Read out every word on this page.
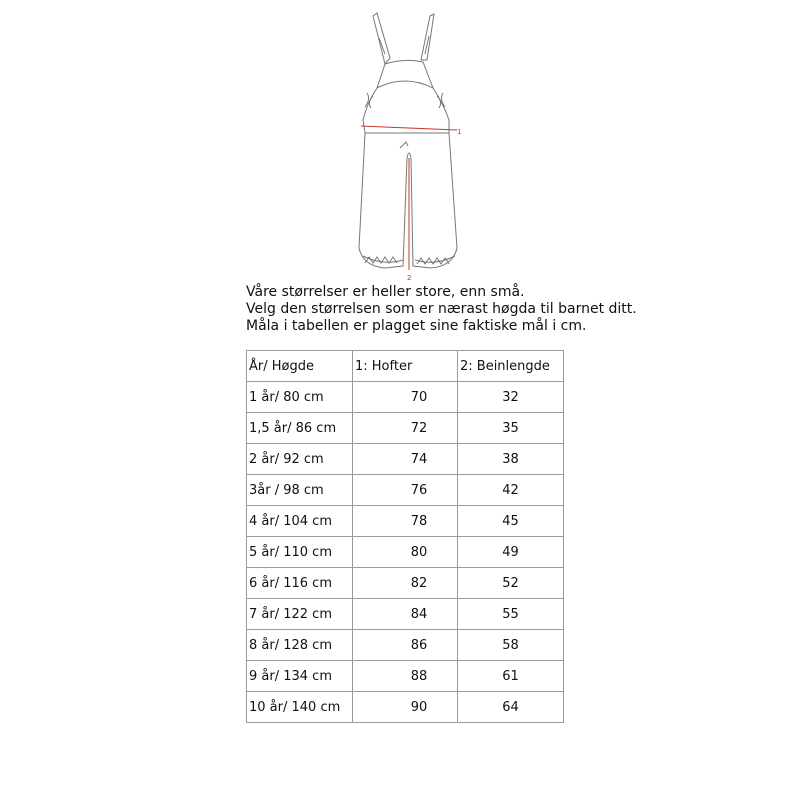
1
2
Våre størrelser er heller store, enn små.
Velg den størrelsen som er nærast høgda til barnet ditt.
Måla i tabellen er plagget sine faktiske mål i cm.
År/ Høgde	1: Hofter	2: Beinlengde
1 år/ 80 cm	70	32
1,5 år/ 86 cm	72	35
2 år/ 92 cm	74	38
3år / 98 cm	76	42
4 år/ 104 cm	78	45
5 år/ 110 cm	80	49
6 år/ 116 cm	82	52
7 år/ 122 cm	84	55
8 år/ 128 cm	86	58
9 år/ 134 cm	88	61
10 år/ 140 cm	90	64
